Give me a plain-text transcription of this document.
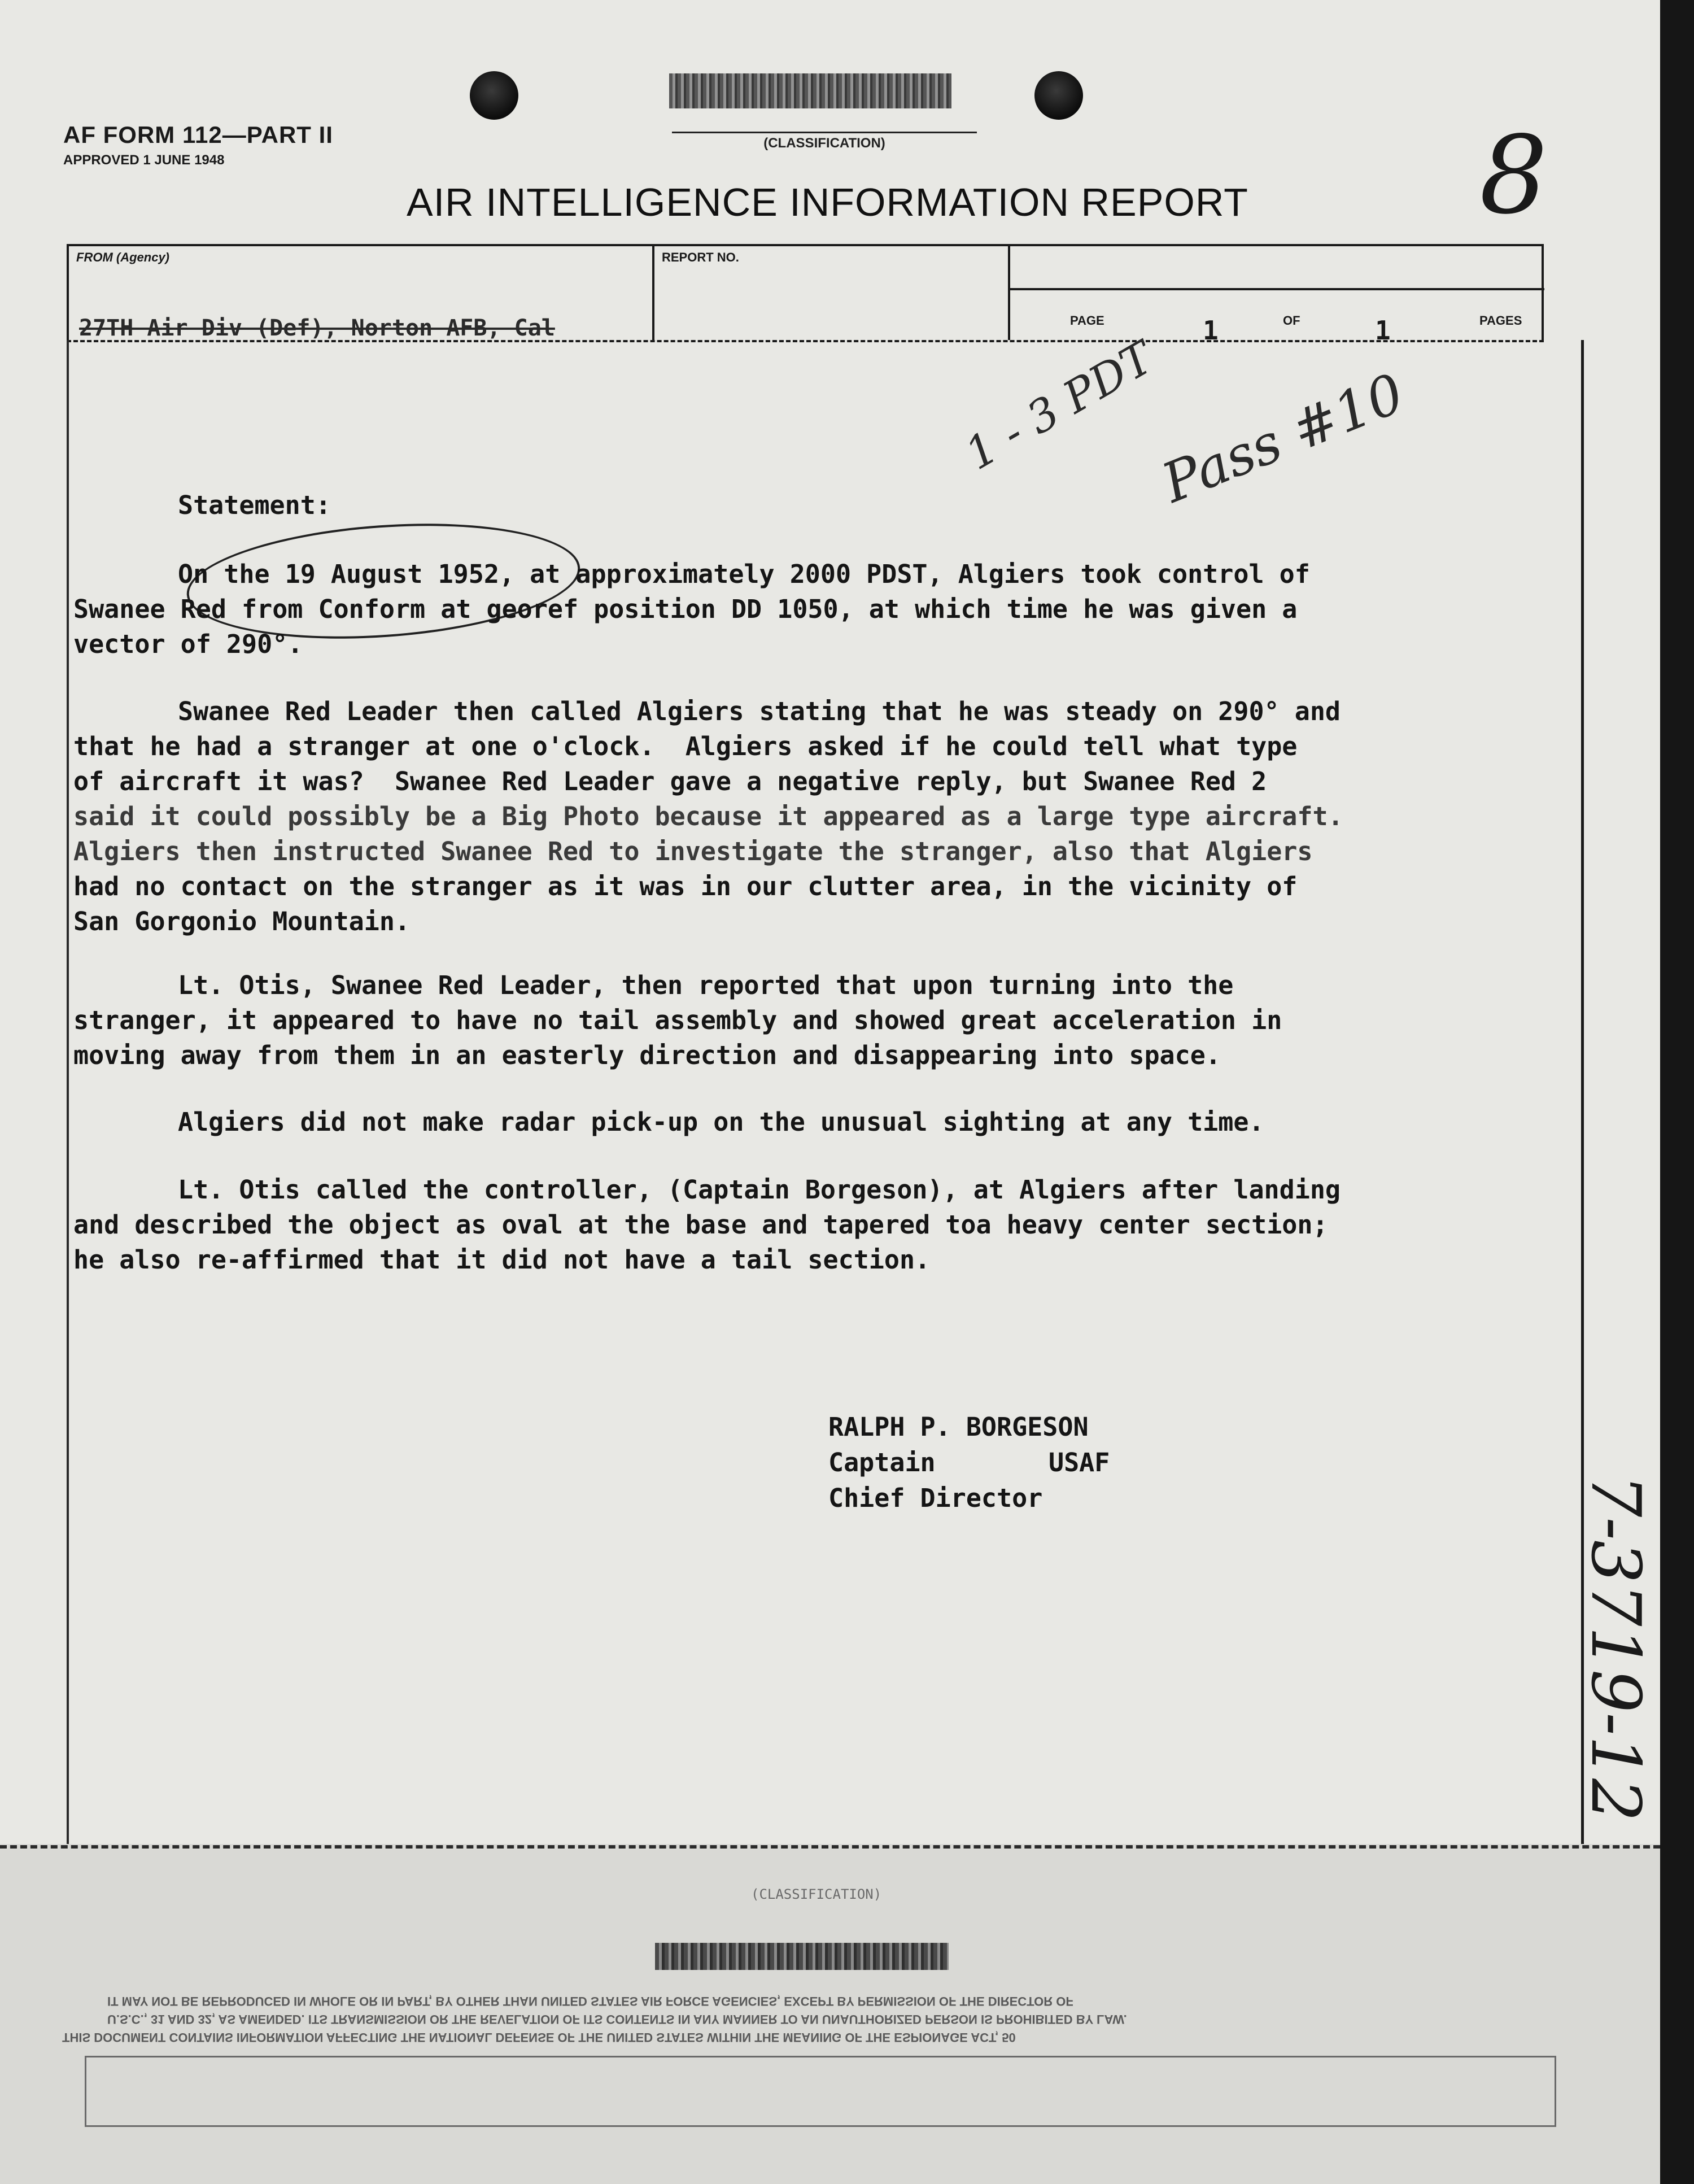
(CLASSIFICATION)
AF FORM 112—PART II
APPROVED 1 JUNE 1948
AIR INTELLIGENCE INFORMATION REPORT 8
FROM (Agency)	REPORT NO.
PAGE	1	OF	1	PAGES
27TH Air Div (Def), Norton AFB, Cal
1 - 3 PDT
Pass #10
Statement:
On the 19 August 1952, at approximately 2000 PDST, Algiers took control of
Swanee Red from Conform at georef position DD 1050, at which time he was given a
vector of 290°.
Swanee Red Leader then called Algiers stating that he was steady on 290° and
that he had a stranger at one o'clock.  Algiers asked if he could tell what type
of aircraft it was?  Swanee Red Leader gave a negative reply, but Swanee Red 2
said it could possibly be a Big Photo because it appeared as a large type aircraft.
Algiers then instructed Swanee Red to investigate the stranger, also that Algiers
had no contact on the stranger as it was in our clutter area, in the vicinity of
San Gorgonio Mountain.
Lt. Otis, Swanee Red Leader, then reported that upon turning into the
stranger, it appeared to have no tail assembly and showed great acceleration in
moving away from them in an easterly direction and disappearing into space.
Algiers did not make radar pick-up on the unusual sighting at any time.
Lt. Otis called the controller, (Captain Borgeson), at Algiers after landing
and described the object as oval at the base and tapered toa heavy center section;
he also re-affirmed that it did not have a tail section.
RALPH P. BORGESON
Captain	USAF
Chief Director	7-3719-12
(CLASSIFICATION)
IT MAY NOT BE REPRODUCED IN WHOLE OR IN PART, BY OTHER THAN UNITED STATES AIR FORCE AGENCIES, EXCEPT BY PERMISSION OF THE DIRECTOR OF
U.S.C., 31 AND 32, AS AMENDED. ITS TRANSMISSION OR THE REVELATION OF ITS CONTENTS IN ANY MANNER TO AN UNAUTHORIZED PERSON IS PROHIBITED BY LAW.
THIS DOCUMENT CONTAINS INFORMATION AFFECTING THE NATIONAL DEFENSE OF THE UNITED STATES WITHIN THE MEANING OF THE ESPIONAGE ACT, 50
